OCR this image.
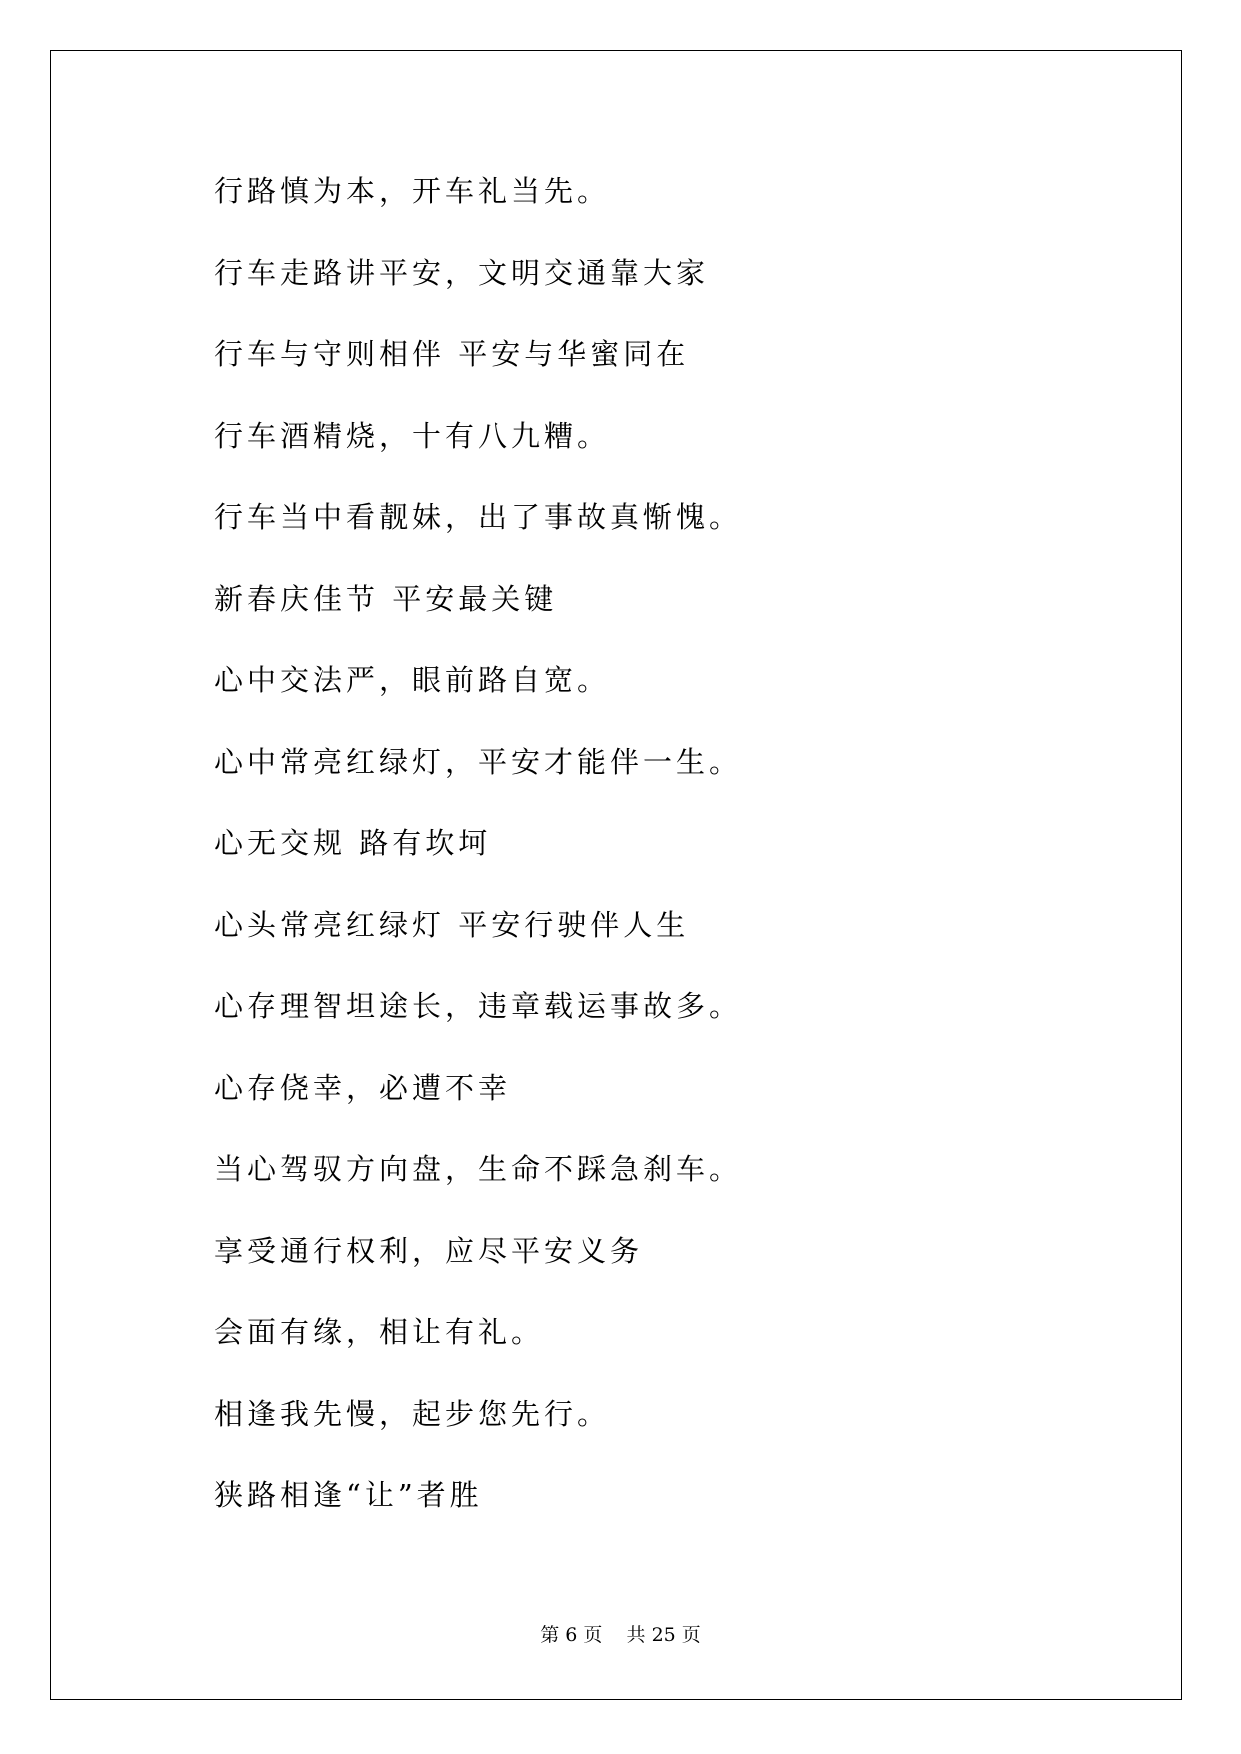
行路慎为本，开车礼当先。
行车走路讲平安，文明交通靠大家
行车与守则相伴 平安与华蜜同在
行车酒精烧，十有八九糟。
行车当中看靓妹，出了事故真惭愧。
新春庆佳节 平安最关键
心中交法严，眼前路自宽。
心中常亮红绿灯，平安才能伴一生。
心无交规 路有坎坷
心头常亮红绿灯 平安行驶伴人生
心存理智坦途长，违章载运事故多。
心存侥幸，必遭不幸
当心驾驭方向盘，生命不踩急刹车。
享受通行权利，应尽平安义务
会面有缘，相让有礼。
相逢我先慢，起步您先行。
狭路相逢“让”者胜
第 6 页    共 25 页
